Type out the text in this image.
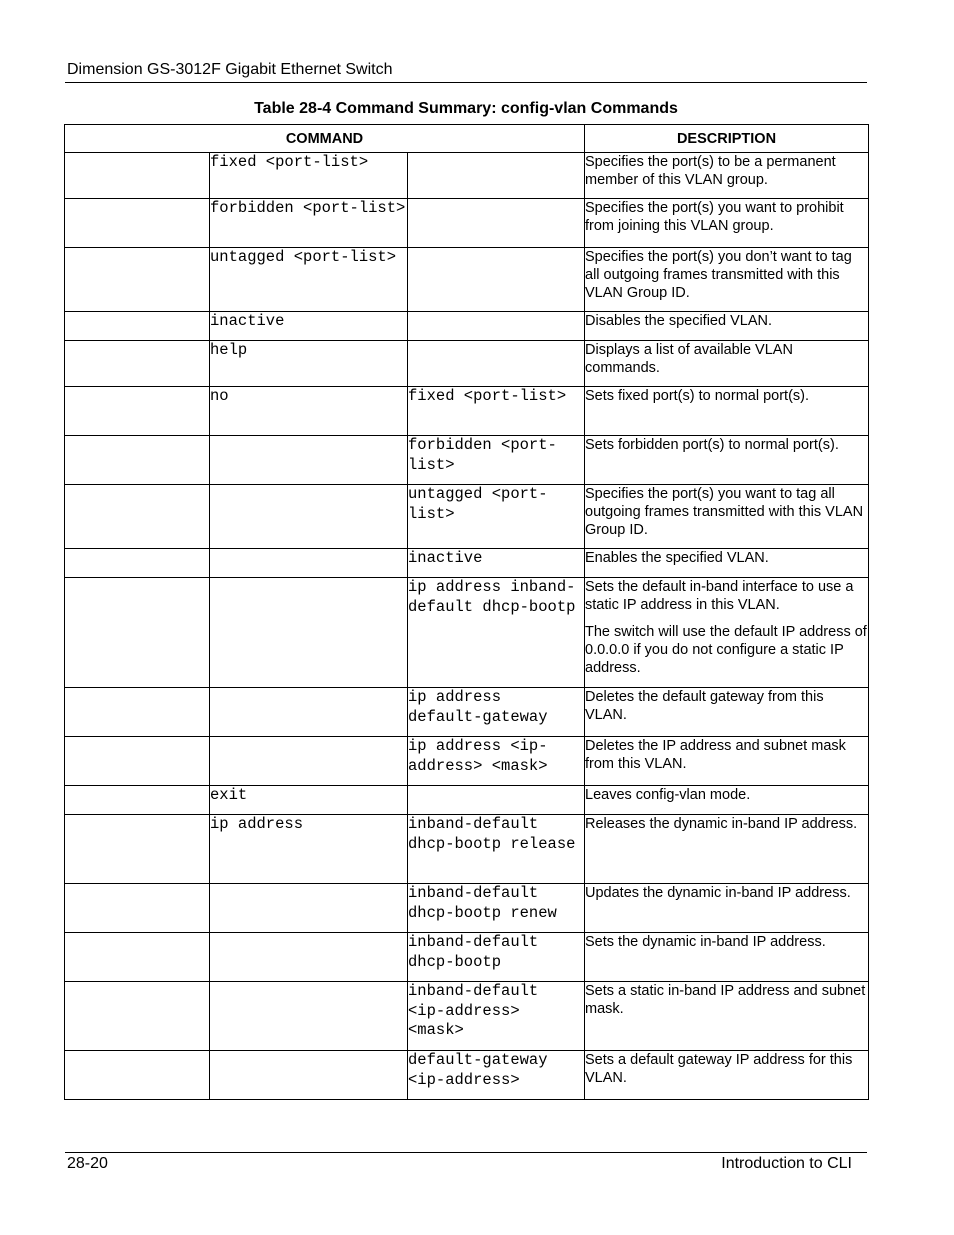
Dimension GS-3012F Gigabit Ethernet Switch
Table 28-4 Command Summary: config-vlan Commands
COMMAND			DESCRIPTION
	fixed <port-list>		Specifies the port(s) to be a permanent member of this VLAN group.

	forbidden <port-list>		Specifies the port(s) you want to prohibit from joining this VLAN group.

	untagged <port-list>		Specifies the port(s) you don’t want to tag all outgoing frames transmitted with this VLAN Group ID.

	inactive		Disables the specified VLAN.

	help		Displays a list of available VLAN commands.

	no	fixed <port-list>	Sets fixed port(s) to normal port(s).

		forbidden <port-list>	Sets forbidden port(s) to normal port(s).

		untagged <port-list>	Specifies the port(s) you want to tag all outgoing frames transmitted with this VLAN Group ID.

		inactive	Enables the specified VLAN.

		ip address inband-default dhcp-bootp	Sets the default in-band interface to use a static IP address in this VLAN.

The switch will use the default IP address of 0.0.0.0 if you do not configure a static IP address.

		ip address default-gateway	Deletes the default gateway from this VLAN.

		ip address <ip-address> <mask>	Deletes the IP address and subnet mask from this VLAN.

	exit		Leaves config-vlan mode.

	ip address	inband-default dhcp-bootp release	Releases the dynamic in-band IP address.

		inband-default dhcp-bootp renew	Updates the dynamic in-band IP address.

		inband-default dhcp-bootp	Sets the dynamic in-band IP address.

		inband-default <ip-address> <mask>	Sets a static in-band IP address and subnet mask.

		default-gateway <ip-address>	Sets a default gateway IP address for this VLAN.

28-20	Introduction to CLI
